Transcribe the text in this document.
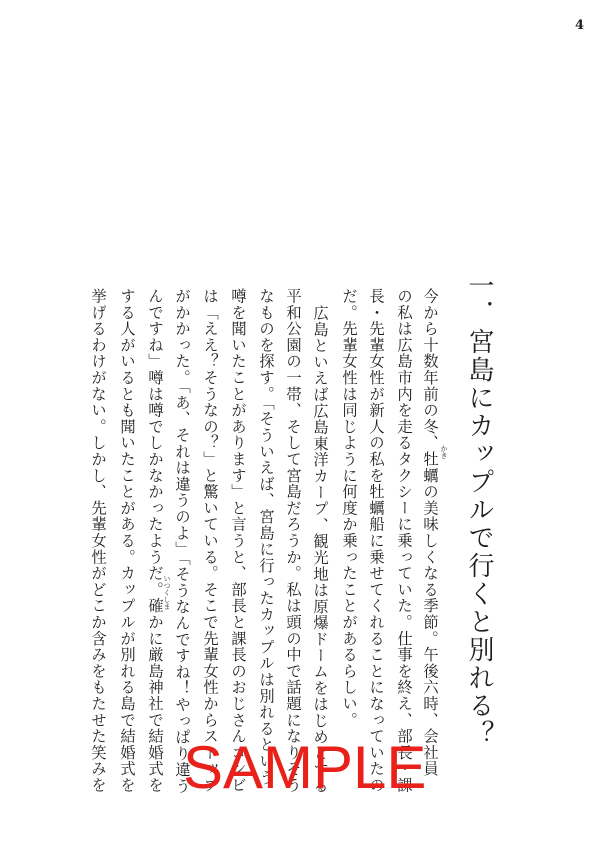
4
一．宮島にカップルで行くと別れる？
今から十数年前の冬、牡蠣の美味しくなる季節。午後六時、会社員
の私は広島市内を走るタクシーに乗っていた。仕事を終え、部長・課
長・先輩女性が新人の私を牡蠣船に乗せてくれることになっていたの
だ。先輩女性は同じように何度か乗ったことがあるらしい。
広島といえば広島東洋カープ、観光地は原爆ドームをはじめとする
平和公園の一帯、そして宮島だろうか。私は頭の中で話題になりそう
なものを探す。「そういえば、宮島に行ったカップルは別れるという
噂を聞いたことがあります」と言うと、部長と課長のおじさんコンビ
は「ええ？そうなの？」と驚いている。そこで先輩女性からストップ
がかかった。「あ、それは違うのよ」「そうなんですね！やっぱり違う
んですね」噂は噂でしかなかったようだ。確かに厳島神社で結婚式を
する人がいるとも聞いたことがある。カップルが別れる島で結婚式を
挙げるわけがない。しかし、先輩女性がどこか含みをもたせた笑みを	かき
いつくしま
SAMPLE
